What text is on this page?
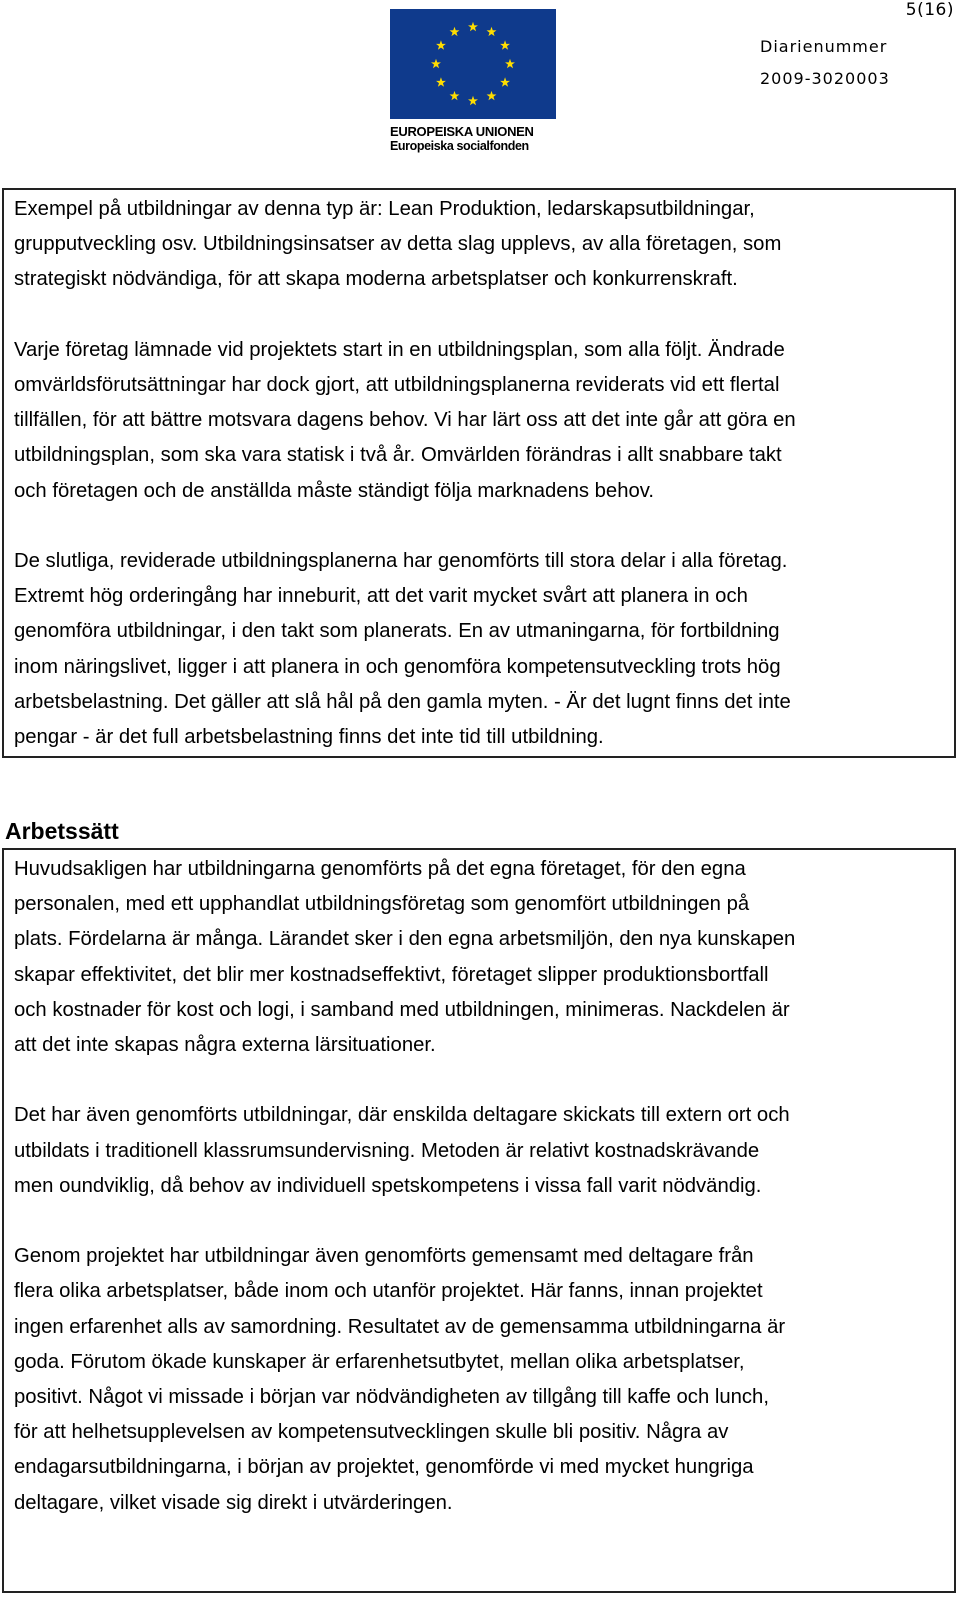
5(16)
EUROPEISKA UNIONEN
Europeiska socialfonden
Diarienummer
2009-3020003

Exempel på utbildningar av denna typ är: Lean Produktion, ledarskapsutbildningar,
grupputveckling osv. Utbildningsinsatser av detta slag upplevs, av alla företagen, som
strategiskt nödvändiga, för att skapa moderna arbetsplatser och konkurrenskraft.

Varje företag lämnade vid projektets start in en utbildningsplan, som alla följt. Ändrade
omvärldsförutsättningar har dock gjort, att utbildningsplanerna reviderats vid ett flertal
tillfällen, för att bättre motsvara dagens behov. Vi har lärt oss att det inte går att göra en
utbildningsplan, som ska vara statisk i två år. Omvärlden förändras i allt snabbare takt
och företagen och de anställda måste ständigt följa marknadens behov.

De slutliga, reviderade utbildningsplanerna har genomförts till stora delar i alla företag.
Extremt hög orderingång har inneburit, att det varit mycket svårt att planera in och
genomföra utbildningar, i den takt som planerats. En av utmaningarna, för fortbildning
inom näringslivet, ligger i att planera in och genomföra kompetensutveckling trots hög
arbetsbelastning. Det gäller att slå hål på den gamla myten. - Är det lugnt finns det inte
pengar - är det full arbetsbelastning finns det inte tid till utbildning.

Arbetssätt

Huvudsakligen har utbildningarna genomförts på det egna företaget, för den egna
personalen, med ett upphandlat utbildningsföretag som genomfört utbildningen på
plats. Fördelarna är många. Lärandet sker i den egna arbetsmiljön, den nya kunskapen
skapar effektivitet, det blir mer kostnadseffektivt, företaget slipper produktionsbortfall
och kostnader för kost och logi, i samband med utbildningen, minimeras. Nackdelen är
att det inte skapas några externa lärsituationer.

Det har även genomförts utbildningar, där enskilda deltagare skickats till extern ort och
utbildats i traditionell klassrumsundervisning. Metoden är relativt kostnadskrävande
men oundviklig, då behov av individuell spetskompetens i vissa fall varit nödvändig.

Genom projektet har utbildningar även genomförts gemensamt med deltagare från
flera olika arbetsplatser, både inom och utanför projektet. Här fanns, innan projektet
ingen erfarenhet alls av samordning. Resultatet av de gemensamma utbildningarna är
goda. Förutom ökade kunskaper är erfarenhetsutbytet, mellan olika arbetsplatser,
positivt. Något vi missade i början var nödvändigheten av tillgång till kaffe och lunch,
för att helhetsupplevelsen av kompetensutvecklingen skulle bli positiv. Några av
endagarsutbildningarna, i början av projektet, genomförde vi med mycket hungriga
deltagare, vilket visade sig direkt i utvärderingen.
